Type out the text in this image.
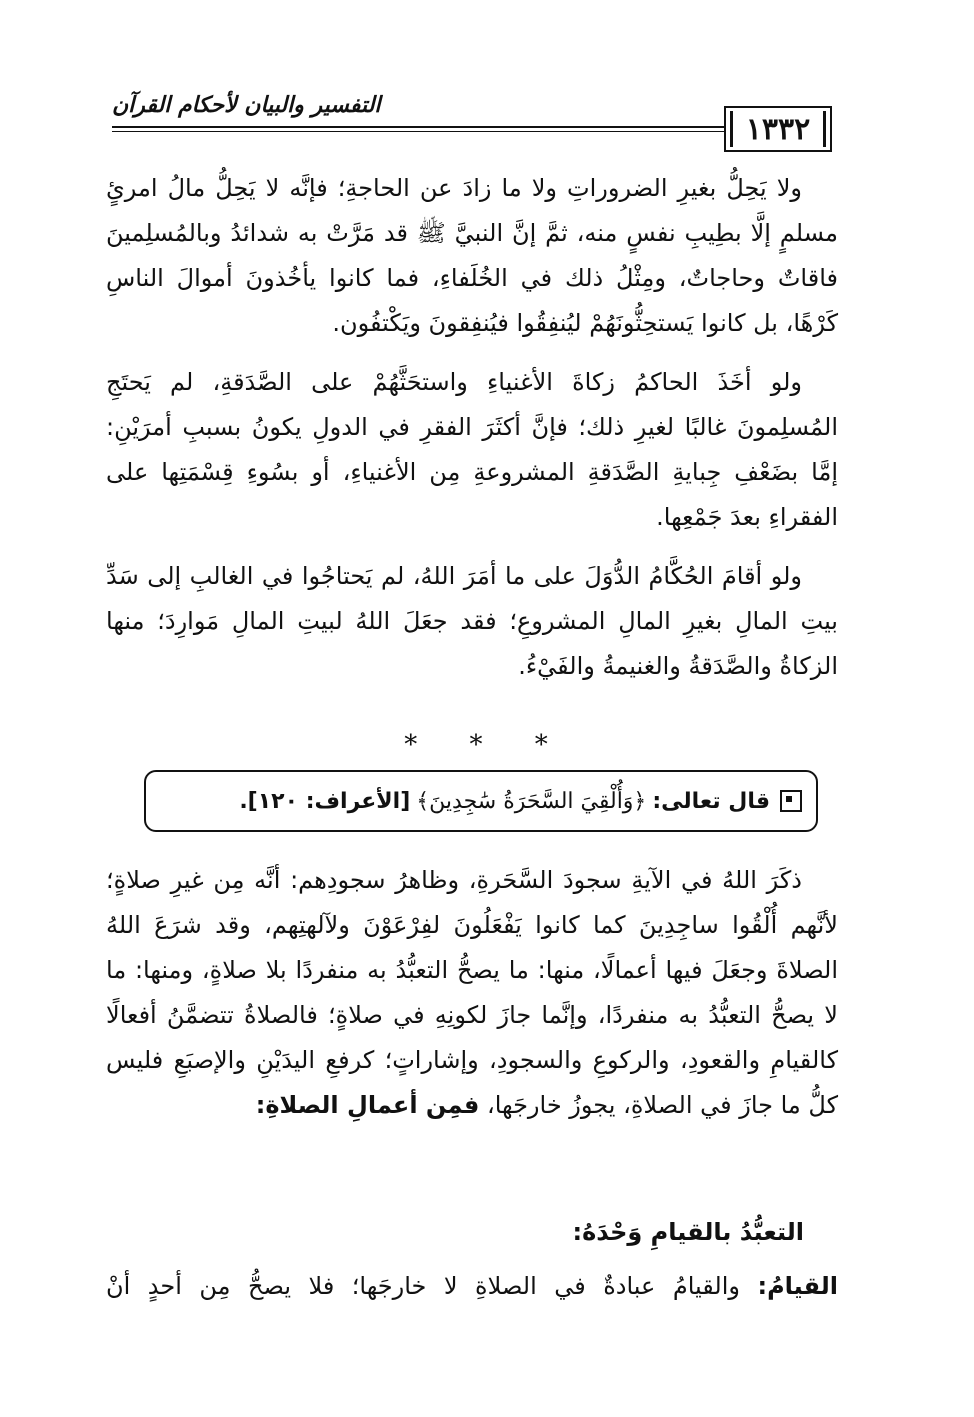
التفسير والبيان لأحكام القرآن
١٣٣٢

ولا يَحِلُّ بغيرِ الضروراتِ ولا ما زادَ عن الحاجةِ؛ فإنَّه لا يَحِلُّ مالُ امرئٍ مسلمٍ إلَّا بطِيبِ نفسٍ منه، ثمَّ إنَّ النبيَّ ﷺ قد مَرَّتْ به شدائدُ وبالمُسلِمينَ فاقاتٌ وحاجاتٌ، ومِثْلُ ذلك في الخُلَفاءِ، فما كانوا يأخُذونَ أموالَ الناسِ كَرْهًا، بل كانوا يَستحِثُّونَهُمْ ليُنفِقُوا فيُنفِقونَ ويَكْتفُون.

ولو أخَذَ الحاكمُ زكاةَ الأغنياءِ واستحَثَّهُمْ على الصَّدَقةِ، لم يَحتَجِ المُسلِمونَ غالبًا لغيرِ ذلك؛ فإنَّ أكثَرَ الفقرِ في الدولِ يكونُ بسببِ أمرَيْنِ: إمَّا بضَعْفِ جِبايةِ الصَّدَقةِ المشروعةِ مِن الأغنياءِ، أو بسُوءِ قِسْمَتِها على الفقراءِ بعدَ جَمْعِها.

ولو أقامَ الحُكَّامُ الدُّوَلَ على ما أمَرَ اللهُ، لم يَحتاجُوا في الغالبِ إلى سَدِّ بيتِ المالِ بغيرِ المالِ المشروعِ؛ فقد جعَلَ اللهُ لبيتِ المالِ مَوارِدَ؛ منها الزكاةُ والصَّدَقةُ والغنيمةُ والفَيْءُ.

* * *
قال تعالى:
﴿وَأُلْقِيَ السَّحَرَةُ سَٰجِدِينَ﴾
[الأعراف: ١٢٠].

ذكَرَ اللهُ في الآيةِ سجودَ السَّحَرةِ، وظاهرُ سجودِهم: أنَّه مِن غيرِ صلاةٍ؛ لأنَّهم أُلْقُوا ساجِدِينَ كما كانوا يَفْعَلُونَ لفِرْعَوْنَ ولآلهتِهم، وقد شرَعَ اللهُ الصلاةَ وجعَلَ فيها أعمالًا، منها: ما يصحُّ التعبُّدُ به منفردًا بلا صلاةٍ، ومنها: ما لا يصحُّ التعبُّدُ به منفردًا، وإنَّما جازَ لكونِهِ في صلاةٍ؛ فالصلاةُ تتضمَّنُ أفعالًا كالقيامِ والقعودِ، والركوعِ والسجودِ، وإشاراتٍ؛ كرفعِ اليدَيْنِ والإصبَعِ فليس كلُّ ما جازَ في الصلاةِ، يجوزُ خارجَها، فمِن أعمالِ الصلاةِ:

التعبُّدُ بالقيامِ وَحْدَهُ:
القيامُ: والقيامُ عبادةٌ في الصلاةِ لا خارجَها؛ فلا يصحُّ مِن أحدٍ أنْ
